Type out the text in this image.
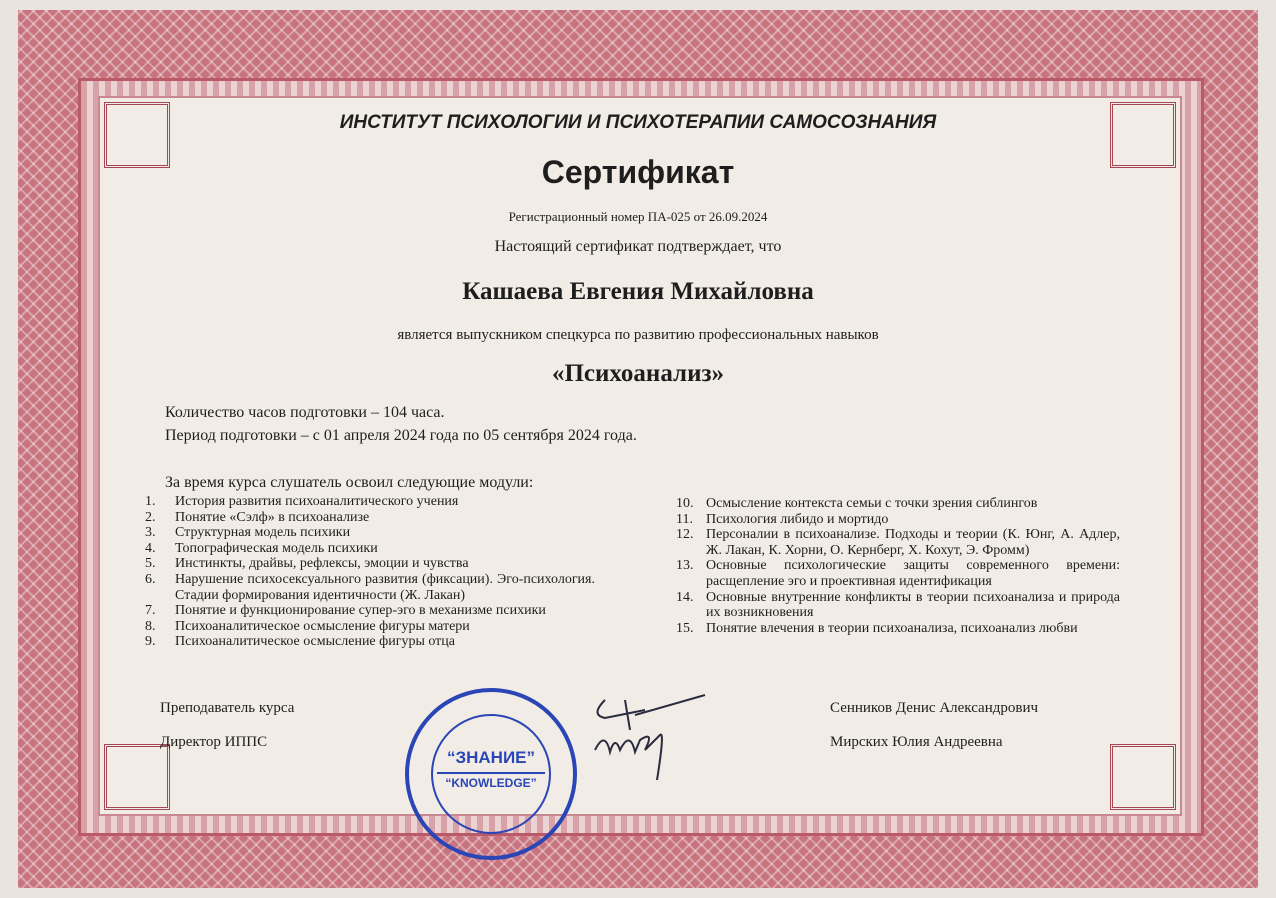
ИНСТИТУТ ПСИХОЛОГИИ И ПСИХОТЕРАПИИ САМОСОЗНАНИЯ
Сертификат
Регистрационный номер ПА-025 от 26.09.2024
Настоящий сертификат подтверждает, что
Кашаева Евгения Михайловна
является выпускником спецкурса по развитию профессиональных навыков
«Психоанализ»
Количество часов подготовки – 104 часа.
Период подготовки – с 01 апреля 2024 года по 05 сентября 2024 года.
За время курса слушатель освоил следующие модули:
1.	История развития психоаналитического учения
2.	Понятие «Сэлф» в психоанализе
3.	Структурная модель психики
4.	Топографическая модель психики
5.	Инстинкты, драйвы, рефлексы, эмоции и чувства
6.	Нарушение психосексуального развития (фиксации). Эго-психология. Стадии формирования идентичности (Ж. Лакан)
7.	Понятие и функционирование супер-эго в механизме психики
8.	Психоаналитическое осмысление фигуры матери
9.	Психоаналитическое осмысление фигуры отца
10. Осмысление контекста семьи с точки зрения сиблингов
11. Психология либидо и мортидо
12. Персоналии в психоанализе. Подходы и теории (К. Юнг, А. Адлер, Ж. Лакан, К. Хорни, О. Кернберг, Х. Кохут, Э. Фромм)
13. Основные психологические защиты современного времени: расщепление эго и проективная идентификация
14. Основные внутренние конфликты в теории психоанализа и природа их возникновения
15. Понятие влечения в теории психоанализа, психоанализ любви
Преподаватель курса	Сенников Денис Александрович
Директор ИППС	Мирских Юлия Андреевна
“ЗНАНИЕ”
“KNOWLEDGE”
